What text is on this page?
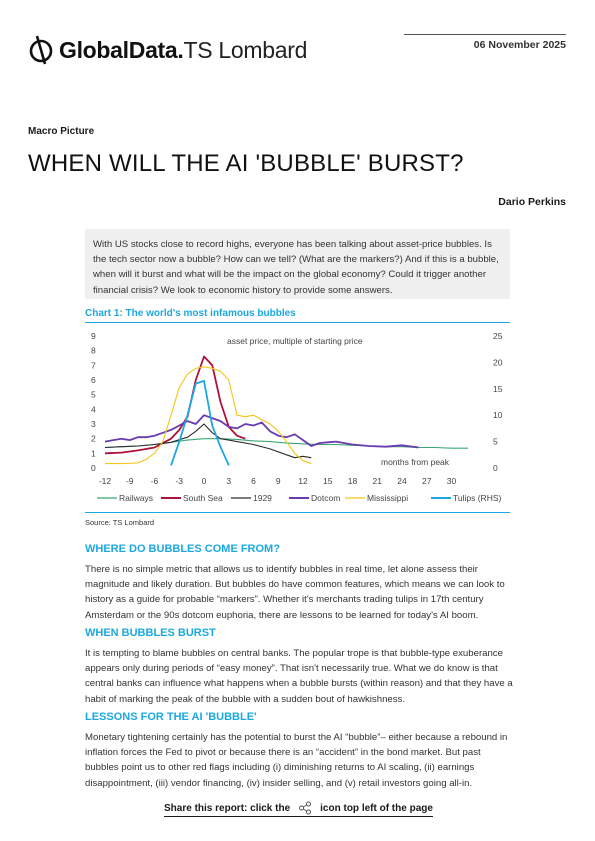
GlobalData.TS Lombard	06 November 2025
Macro Picture
WHEN WILL THE AI 'BUBBLE' BURST?
Dario Perkins
With US stocks close to record highs, everyone has been talking about asset-price bubbles. Is the tech sector now a bubble? How can we tell? (What are the markers?) And if this is a bubble, when will it burst and what will be the impact on the global economy? Could it trigger another financial crisis? We look to economic history to provide some answers.
Chart 1: The world's most infamous bubbles
0
1
2
3
4
5
6
7
8
9
0
5
10
15
20
25
-12 -9 -6 -3 0 3 6 9 12 15 18 21 24 27 30
asset price, multiple of starting price
months from peak
Railways	South Sea	1929	Dotcom	Mississippi	Tulips (RHS)
Source: TS Lombard
WHERE DO BUBBLES COME FROM?
There is no simple metric that allows us to identify bubbles in real time, let alone assess their magnitude and likely duration. But bubbles do have common features, which means we can look to history as a guide for probable “markers”. Whether it's merchants trading tulips in 17th century Amsterdam or the 90s dotcom euphoria, there are lessons to be learned for today's AI boom.
WHEN BUBBLES BURST
It is tempting to blame bubbles on central banks. The popular trope is that bubble-type exuberance appears only during periods of “easy money”. That isn't necessarily true. What we do know is that central banks can influence what happens when a bubble bursts (within reason) and that they have a habit of marking the peak of the bubble with a sudden bout of hawkishness.
LESSONS FOR THE AI 'BUBBLE'
Monetary tightening certainly has the potential to burst the AI “bubble”– either because a rebound in inflation forces the Fed to pivot or because there is an “accident” in the bond market. But past bubbles point us to other red flags including (i) diminishing returns to AI scaling, (ii) earnings disappointment, (iii) vendor financing, (iv) insider selling, and (v) retail investors going all-in.
Share this report: click the	icon top left of the page
